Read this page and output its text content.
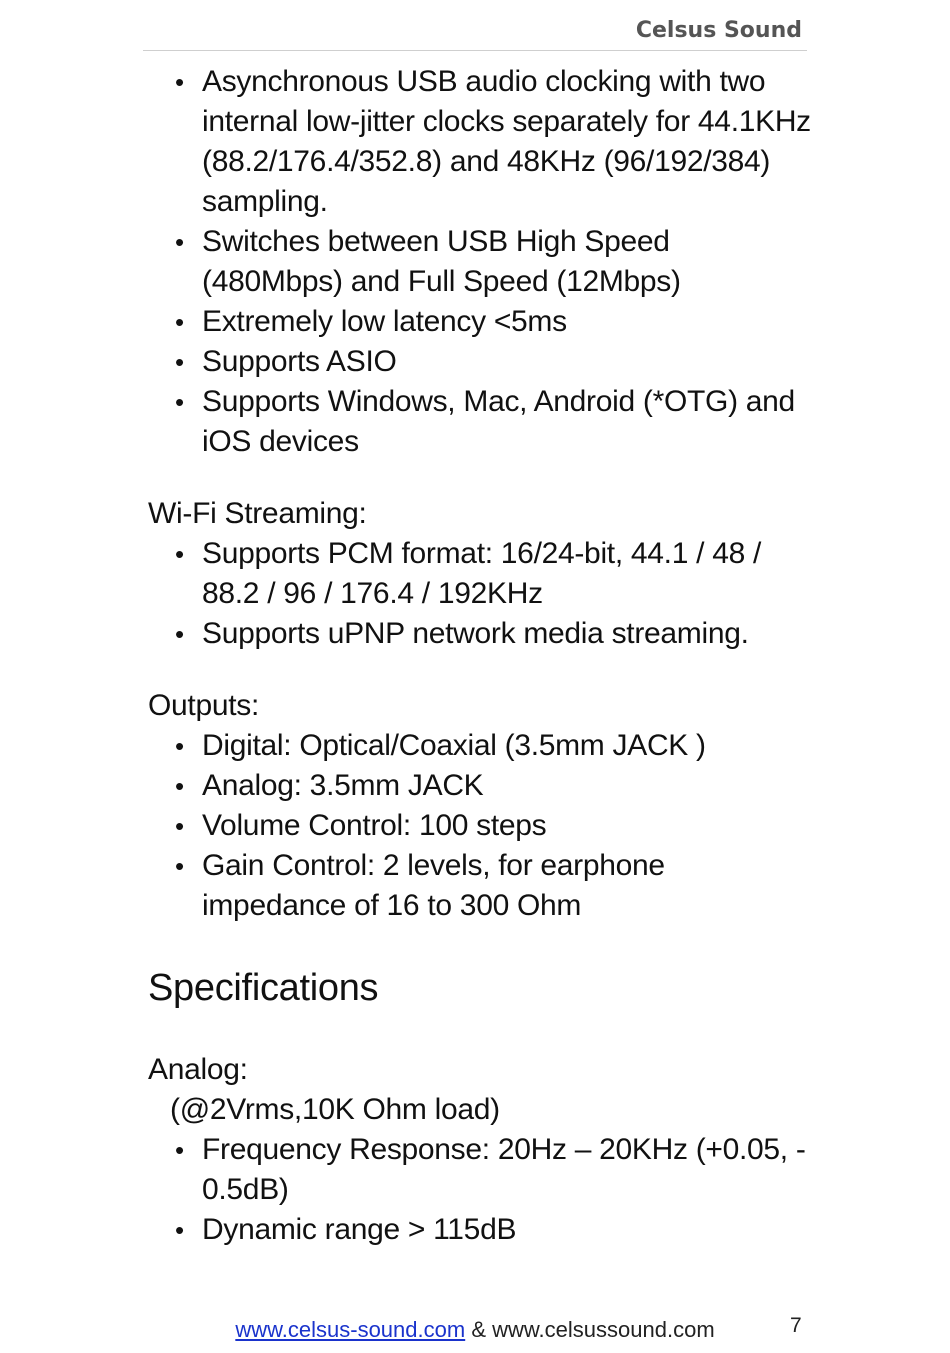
Celsus Sound
• Asynchronous USB audio clocking with two internal low-jitter clocks separately for 44.1KHz (88.2/176.4/352.8) and 48KHz (96/192/384) sampling.
• Switches between USB High Speed (480Mbps) and Full Speed (12Mbps)
• Extremely low latency <5ms
• Supports ASIO
• Supports Windows, Mac, Android (*OTG) and iOS devices
Wi-Fi Streaming:
• Supports PCM format: 16/24-bit, 44.1 / 48 / 88.2 / 96 / 176.4 / 192KHz
• Supports uPNP network media streaming.
Outputs:
• Digital: Optical/Coaxial (3.5mm JACK )
• Analog: 3.5mm JACK
• Volume Control: 100 steps
• Gain Control: 2 levels, for earphone impedance of 16 to 300 Ohm
Specifications
Analog:
(@2Vrms,10K Ohm load)
• Frequency Response: 20Hz – 20KHz (+0.05, - 0.5dB)
• Dynamic range > 115dB
www.celsus-sound.com & www.celsussound.com	7
